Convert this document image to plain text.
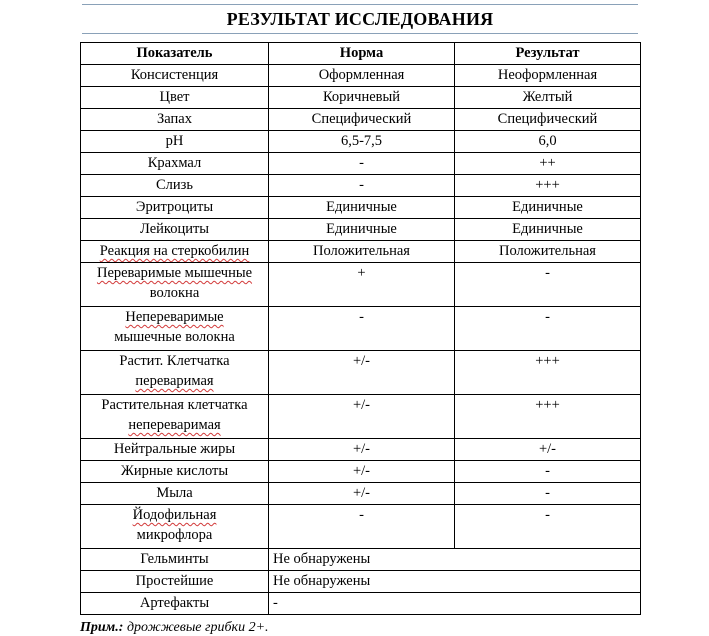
РЕЗУЛЬТАТ ИССЛЕДОВАНИЯ
Показатель	Норма	Результат
Консистенция	Оформленная	Неоформленная
Цвет	Коричневый	Желтый
Запах	Специфический	Специфический
рН	6,5-7,5	6,0
Крахмал	-	++
Слизь	-	+++
Эритроциты	Единичные	Единичные
Лейкоциты	Единичные	Единичные
Реакция на стеркобилин	Положительная	Положительная
Переваримые мышечные
волокна	+	-
Непереваримые
мышечные волокна	-	-
Растит. Клетчатка
переваримая	+/-	+++
Растительная клетчатка
непереваримая	+/-	+++
Нейтральные жиры	+/-	+/-
Жирные кислоты	+/-	-
Мыла	+/-	-
Йодофильная
микрофлора	-	-
Гельминты	Не обнаружены	
Простейшие	Не обнаружены	
Артефакты	-	
Прим.: дрожжевые грибки 2+.
